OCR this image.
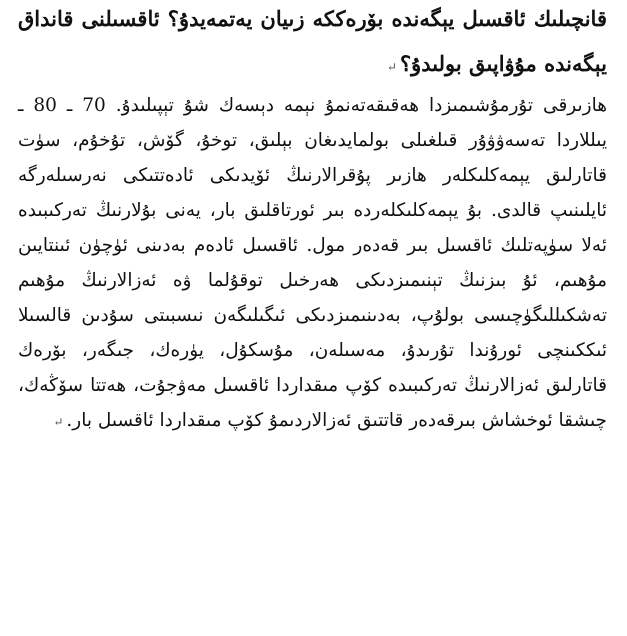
قانچىلىك ئاقسىل يېگەندە بۆرەككە زىيان يەتمەيدۇ؟ ئاقسىلنى قانداق يېگەندە مۇۋاپىق بولىدۇ؟↵

ھازىرقى تۇرمۇشىمىزدا ھەقىقەتەنمۇ نېمە دېسەك شۇ تېپىلىدۇ. 70 ـ 80 ـ يىللاردا تەسەۋۋۇر قىلغىلى بولمايدىغان بېلىق، توخۇ، گۆش، تۇخۇم، سۈت قاتارلىق يېمەكلىكلەر ھازىر پۇقرالارنىڭ ئۆيدىكى ئادەتتىكى نەرسىلەرگە ئايلىنىپ قالدى. بۇ يېمەكلىكلەردە بىر ئورتاقلىق بار، يەنى بۇلارنىڭ تەركىبىدە ئەلا سۈپەتلىك ئاقسىل بىر قەدەر مول. ئاقسىل ئادەم بەدىنى ئۈچۈن ئىنتايىن مۇھىم، ئۇ بىزنىڭ تېنىمىزدىكى ھەرخىل توقۇلما ۋە ئەزالارنىڭ مۇھىم تەشكىللىگۈچىسى بولۇپ، بەدىنىمىزدىكى ئىگىلىگەن نىسبىتى سۇدىن قالسىلا ئىككىنچى ئورۇندا تۇرىدۇ، مەسىلەن، مۇسكۇل، يۈرەك، جىگەر، بۆرەك قاتارلىق ئەزالارنىڭ تەركىبىدە كۆپ مىقداردا ئاقسىل مەۋجۇت، ھەتتا سۆڭەك، چىشقا ئوخشاش بىرقەدەر قاتتىق ئەزالاردىمۇ كۆپ مىقداردا ئاقسىل بار.↵
